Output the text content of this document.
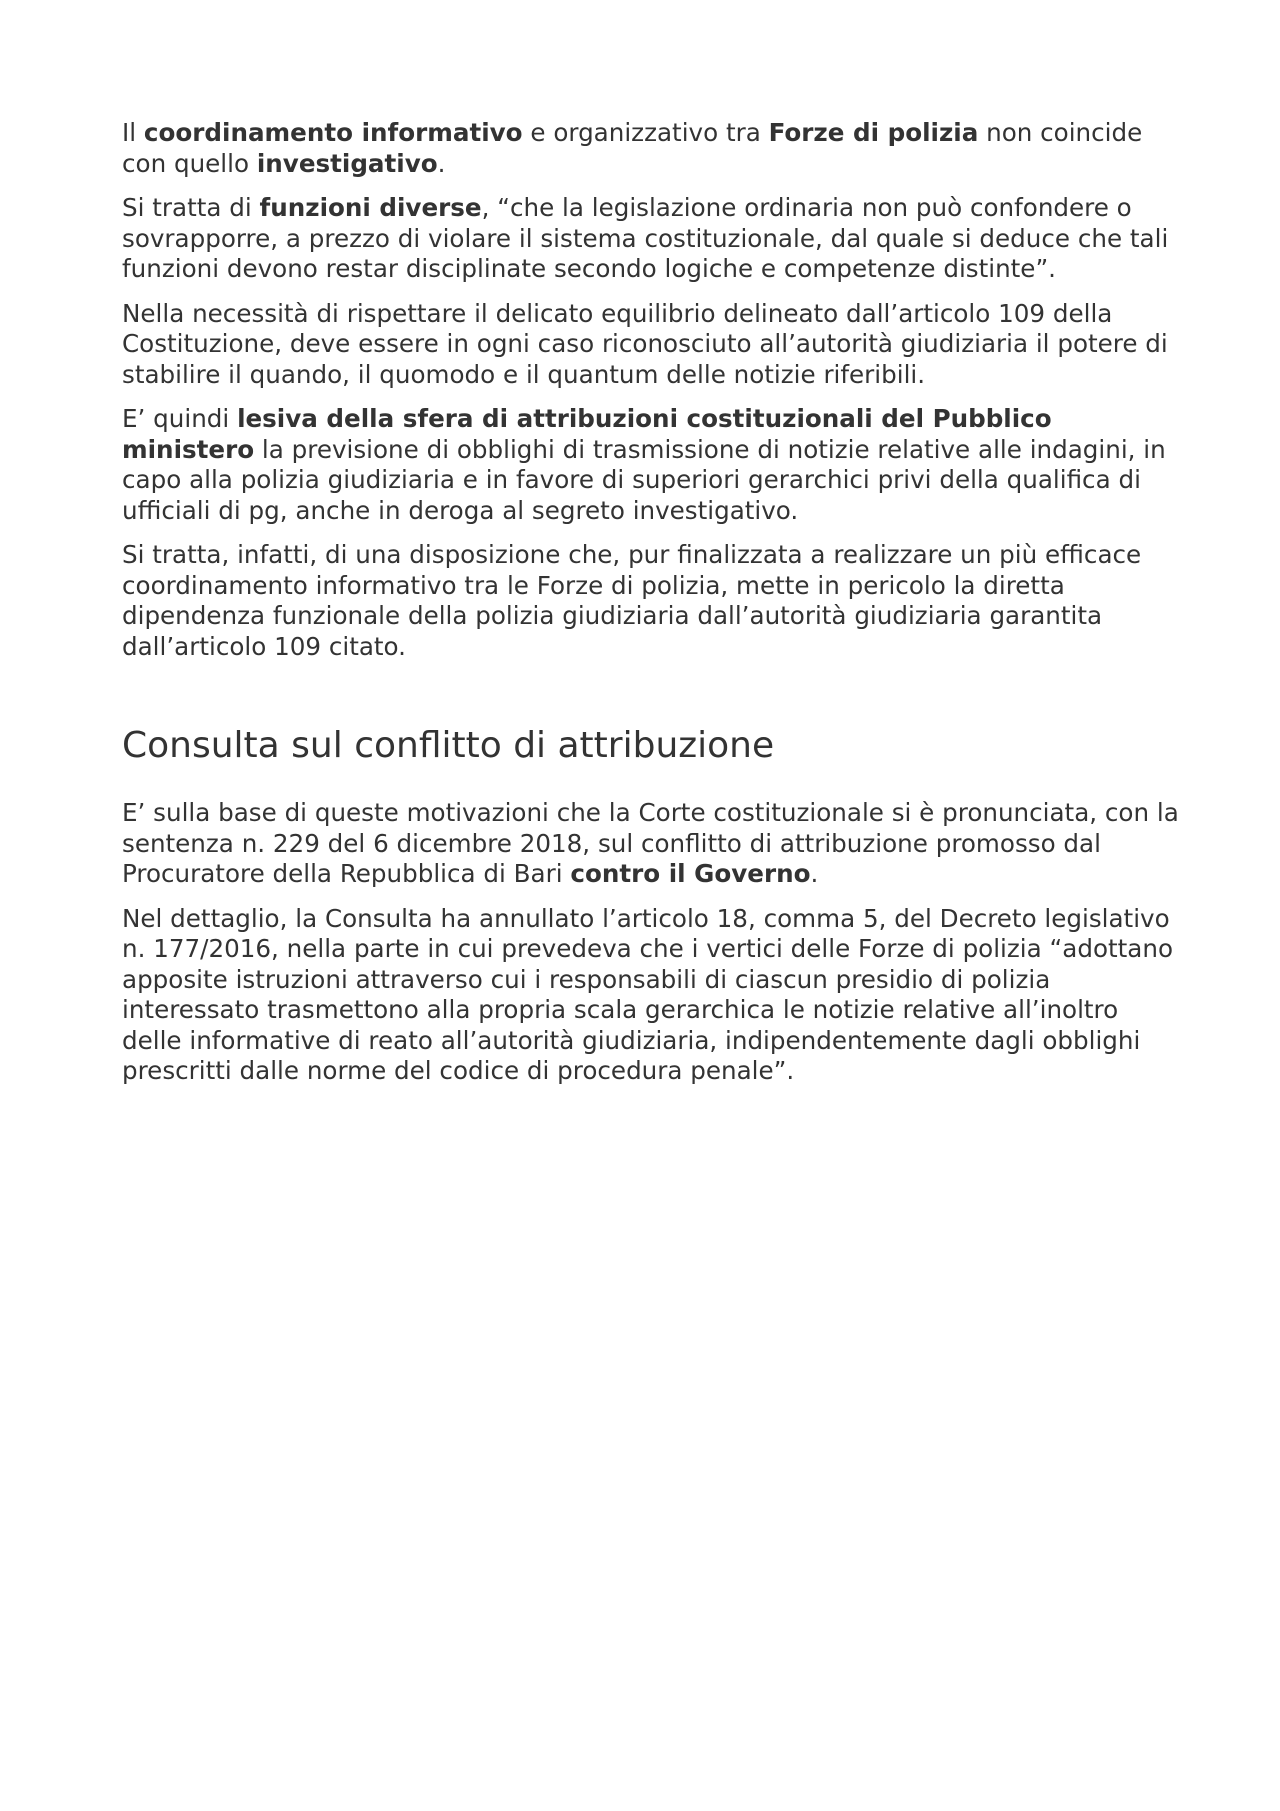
Il coordinamento informativo e organizzativo tra Forze di polizia non coincide con quello investigativo.

Si tratta di funzioni diverse, “che la legislazione ordinaria non può confondere o sovrapporre, a prezzo di violare il sistema costituzionale, dal quale si deduce che tali funzioni devono restar disciplinate secondo logiche e competenze distinte”.

Nella necessità di rispettare il delicato equilibrio delineato dall’articolo 109 della Costituzione, deve essere in ogni caso riconosciuto all’autorità giudiziaria il potere di stabilire il quando, il quomodo e il quantum delle notizie riferibili.

E’ quindi lesiva della sfera di attribuzioni costituzionali del Pubblico ministero la previsione di obblighi di trasmissione di notizie relative alle indagini, in capo alla polizia giudiziaria e in favore di superiori gerarchici privi della qualifica di ufficiali di pg, anche in deroga al segreto investigativo.

Si tratta, infatti, di una disposizione che, pur finalizzata a realizzare un più efficace coordinamento informativo tra le Forze di polizia, mette in pericolo la diretta dipendenza funzionale della polizia giudiziaria dall’autorità giudiziaria garantita dall’articolo 109 citato.

Consulta sul conflitto di attribuzione

E’ sulla base di queste motivazioni che la Corte costituzionale si è pronunciata, con la sentenza n. 229 del 6 dicembre 2018, sul conflitto di attribuzione promosso dal Procuratore della Repubblica di Bari contro il Governo.

Nel dettaglio, la Consulta ha annullato l’articolo 18, comma 5, del Decreto legislativo n. 177/2016, nella parte in cui prevedeva che i vertici delle Forze di polizia “adottano apposite istruzioni attraverso cui i responsabili di ciascun presidio di polizia interessato trasmettono alla propria scala gerarchica le notizie relative all’inoltro delle informative di reato all’autorità giudiziaria, indipendentemente dagli obblighi prescritti dalle norme del codice di procedura penale”.
